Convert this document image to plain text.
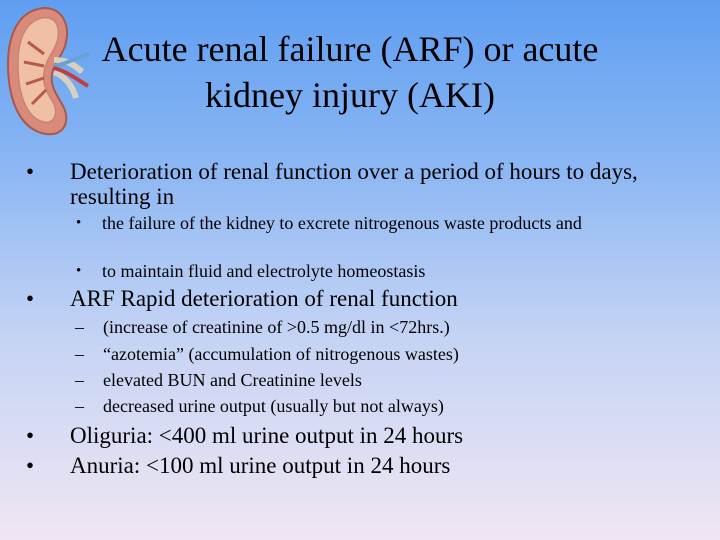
Acute renal failure (ARF) or acute
kidney injury (AKI)
• Deterioration of renal function over a period of hours to days, resulting in
• the failure of the kidney to excrete nitrogenous waste products and
• to maintain fluid and electrolyte homeostasis
• ARF Rapid deterioration of renal function
– (increase of creatinine of >0.5 mg/dl in <72hrs.)
– “azotemia” (accumulation of nitrogenous wastes)
– elevated BUN and Creatinine levels
– decreased urine output (usually but not always)
• Oliguria: <400 ml urine output in 24 hours
• Anuria: <100 ml urine output in 24 hours
